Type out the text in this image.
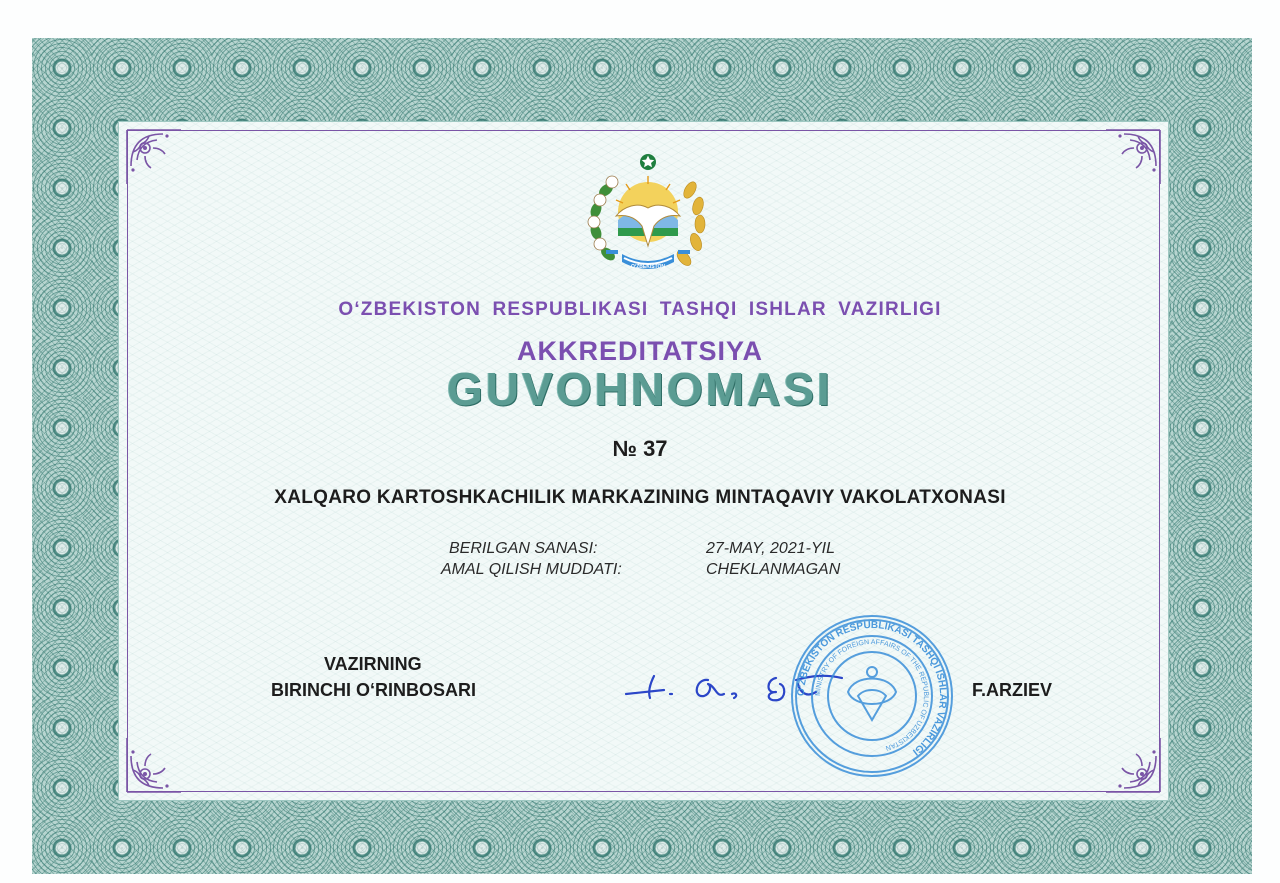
O‘ZBEKISTON
O‘ZBEKISTON RESPUBLIKASI TASHQI ISHLAR VAZIRLIGI
AKKREDITATSIYA
GUVOHNOMASI
№ 37
XALQARO KARTOSHKACHILIK MARKAZINING MINTAQAVIY VAKOLATXONASI
BERILGAN SANASI:	27-MAY, 2021-YIL
AMAL QILISH MUDDATI:	CHEKLANMAGAN
VAZIRNING
BIRINCHI O‘RINBOSARI	O‘ZBEKISTON RESPUBLIKASI TASHQI ISHLAR VAZIRLIGI
MINISTRY OF FOREIGN AFFAIRS OF THE REPUBLIC OF UZBEKISTAN
F.ARZIEV
